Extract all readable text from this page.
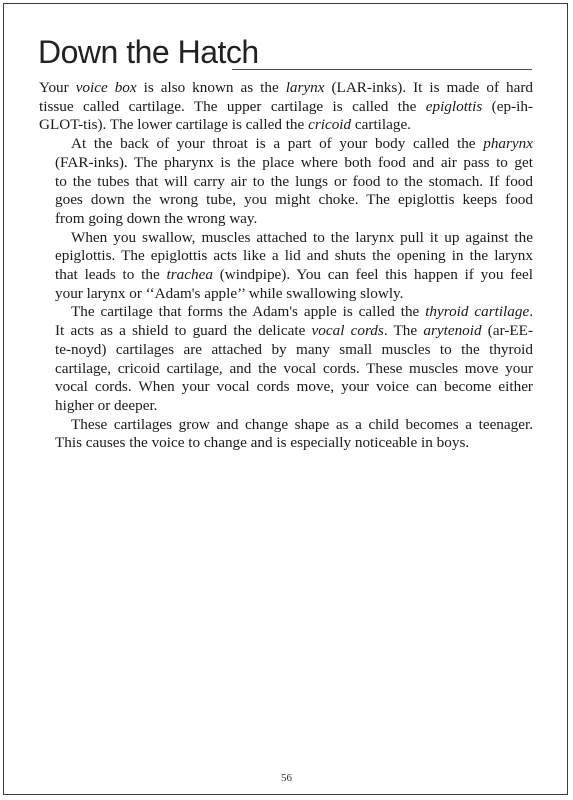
Down the Hatch

Your voice box is also known as the larynx (LAR-inks). It is made of hard
tissue called cartilage. The upper cartilage is called the epiglottis (ep-ih-
GLOT-tis). The lower cartilage is called the cricoid cartilage.

At the back of your throat is a part of your body called the pharynx
(FAR-inks). The pharynx is the place where both food and air pass to get
to the tubes that will carry air to the lungs or food to the stomach. If food
goes down the wrong tube, you might choke. The epiglottis keeps food
from going down the wrong way.

When you swallow, muscles attached to the larynx pull it up against the
epiglottis. The epiglottis acts like a lid and shuts the opening in the larynx
that leads to the trachea (windpipe). You can feel this happen if you feel
your larynx or ‘‘Adam's apple’’ while swallowing slowly.

The cartilage that forms the Adam's apple is called the thyroid cartilage.
It acts as a shield to guard the delicate vocal cords. The arytenoid (ar-EE-
te-noyd) cartilages are attached by many small muscles to the thyroid
cartilage, cricoid cartilage, and the vocal cords. These muscles move your
vocal cords. When your vocal cords move, your voice can become either
higher or deeper.

These cartilages grow and change shape as a child becomes a teenager.
This causes the voice to change and is especially noticeable in boys.

56
